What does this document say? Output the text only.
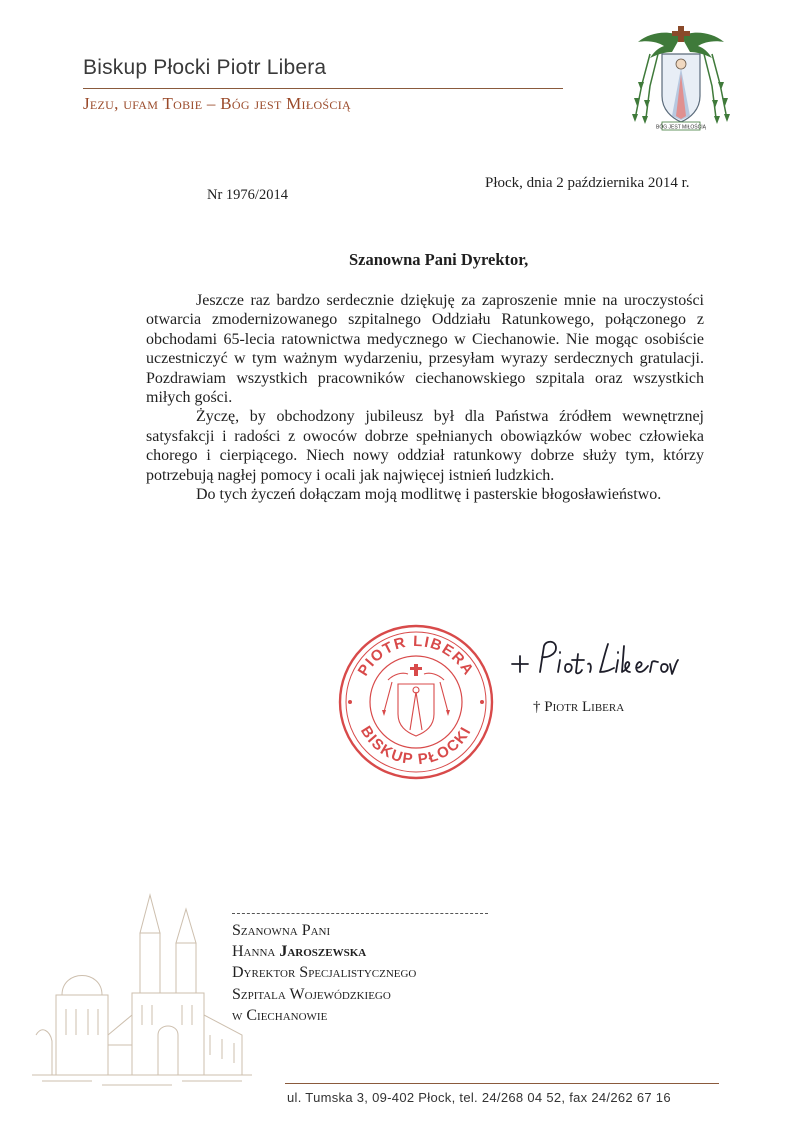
Biskup Płocki Piotr Libera
Jezu, ufam Tobie – Bóg jest Miłością
BÓG JEST MIŁOŚCIĄ
Płock, dnia 2 października 2014 r.
Nr 1976/2014
Szanowna Pani Dyrektor,

Jeszcze raz bardzo serdecznie dziękuję za zaproszenie mnie na uroczystości otwarcia zmodernizowanego szpitalnego Oddziału Ratunkowego, połączonego z obchodami 65-lecia ratownictwa medycznego w Ciechanowie. Nie mogąc osobiście uczestniczyć w tym ważnym wydarzeniu, przesyłam wyrazy serdecznych gratulacji. Pozdrawiam wszystkich pracowników ciechanowskiego szpitala oraz wszystkich miłych gości.

Życzę, by obchodzony jubileusz był dla Państwa źródłem wewnętrznej satysfakcji i radości z owoców dobrze spełnianych obowiązków wobec człowieka chorego i cierpiącego. Niech nowy oddział ratunkowy dobrze służy tym, którzy potrzebują nagłej pomocy i ocali jak najwięcej istnień ludzkich.

Do tych życzeń dołączam moją modlitwę i pasterskie błogosławieństwo.

PIOTR LIBERA
BISKUP PŁOCKI
† Piotr Libera
Szanowna Pani
Hanna Jaroszewska
Dyrektor Specjalistycznego
Szpitala Wojewódzkiego
w Ciechanowie
ul. Tumska 3, 09-402 Płock, tel. 24/268 04 52, fax 24/262 67 16
